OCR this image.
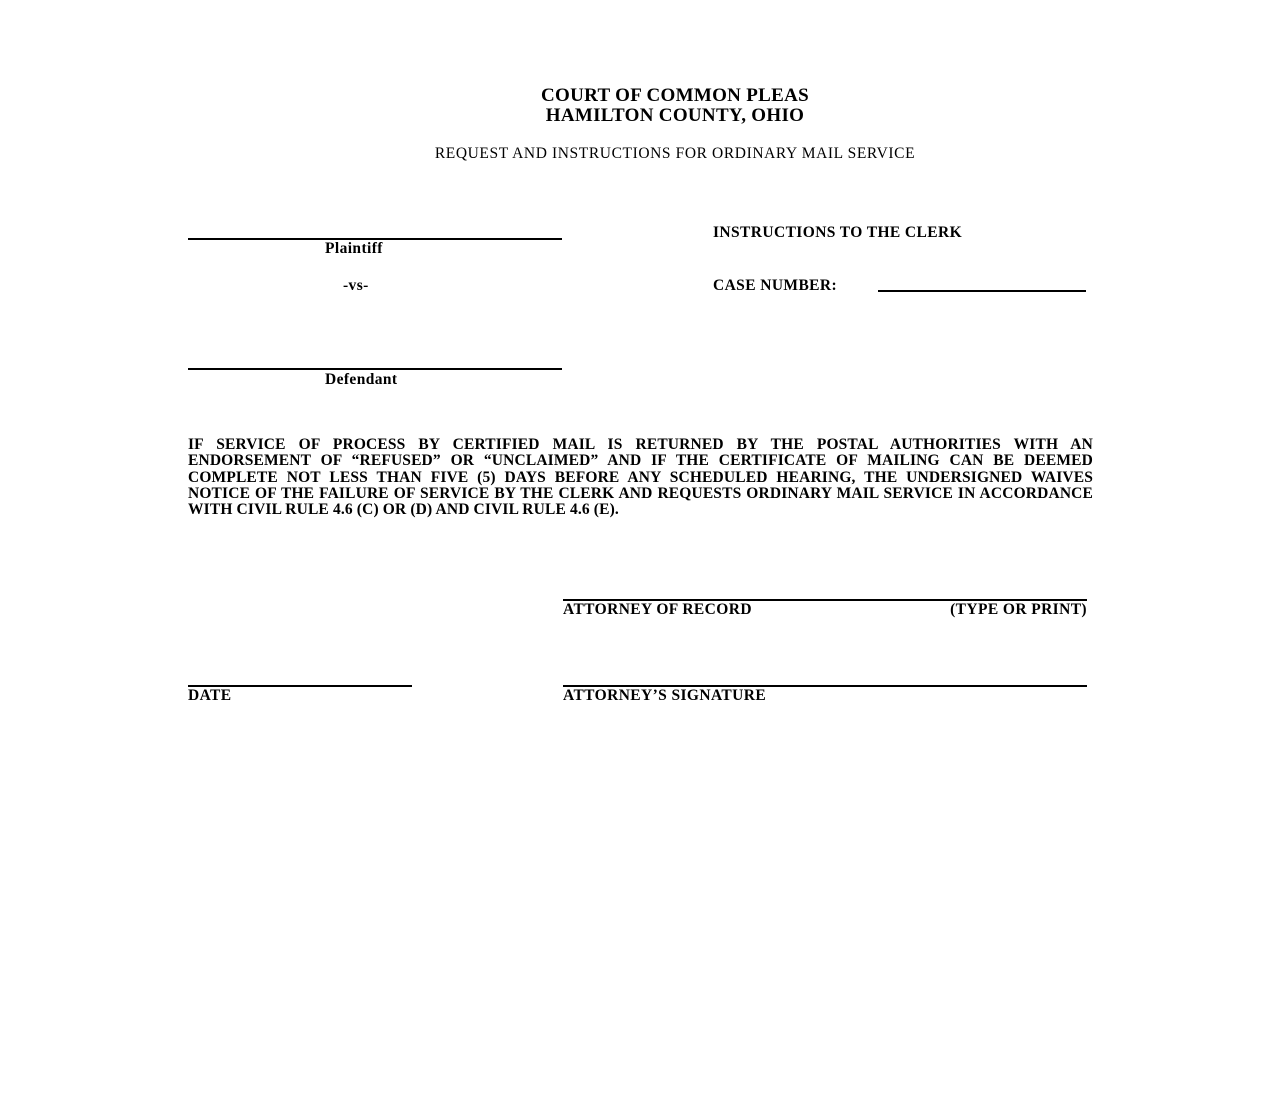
COURT OF COMMON PLEAS
HAMILTON COUNTY, OHIO
REQUEST AND INSTRUCTIONS FOR ORDINARY MAIL SERVICE
Plaintiff
-vs-
Defendant
INSTRUCTIONS TO THE CLERK
CASE NUMBER:
IF SERVICE OF PROCESS BY CERTIFIED MAIL IS RETURNED BY THE POSTAL AUTHORITIES WITH AN ENDORSEMENT OF “REFUSED” OR “UNCLAIMED” AND IF THE CERTIFICATE OF MAILING CAN BE DEEMED COMPLETE NOT LESS THAN FIVE (5) DAYS BEFORE ANY SCHEDULED HEARING, THE UNDERSIGNED WAIVES NOTICE OF THE FAILURE OF SERVICE BY THE CLERK AND REQUESTS ORDINARY MAIL SERVICE IN ACCORDANCE WITH CIVIL RULE 4.6 (C) OR (D) AND CIVIL RULE 4.6 (E).
ATTORNEY OF RECORD	(TYPE OR PRINT)
DATE	ATTORNEY’S SIGNATURE
